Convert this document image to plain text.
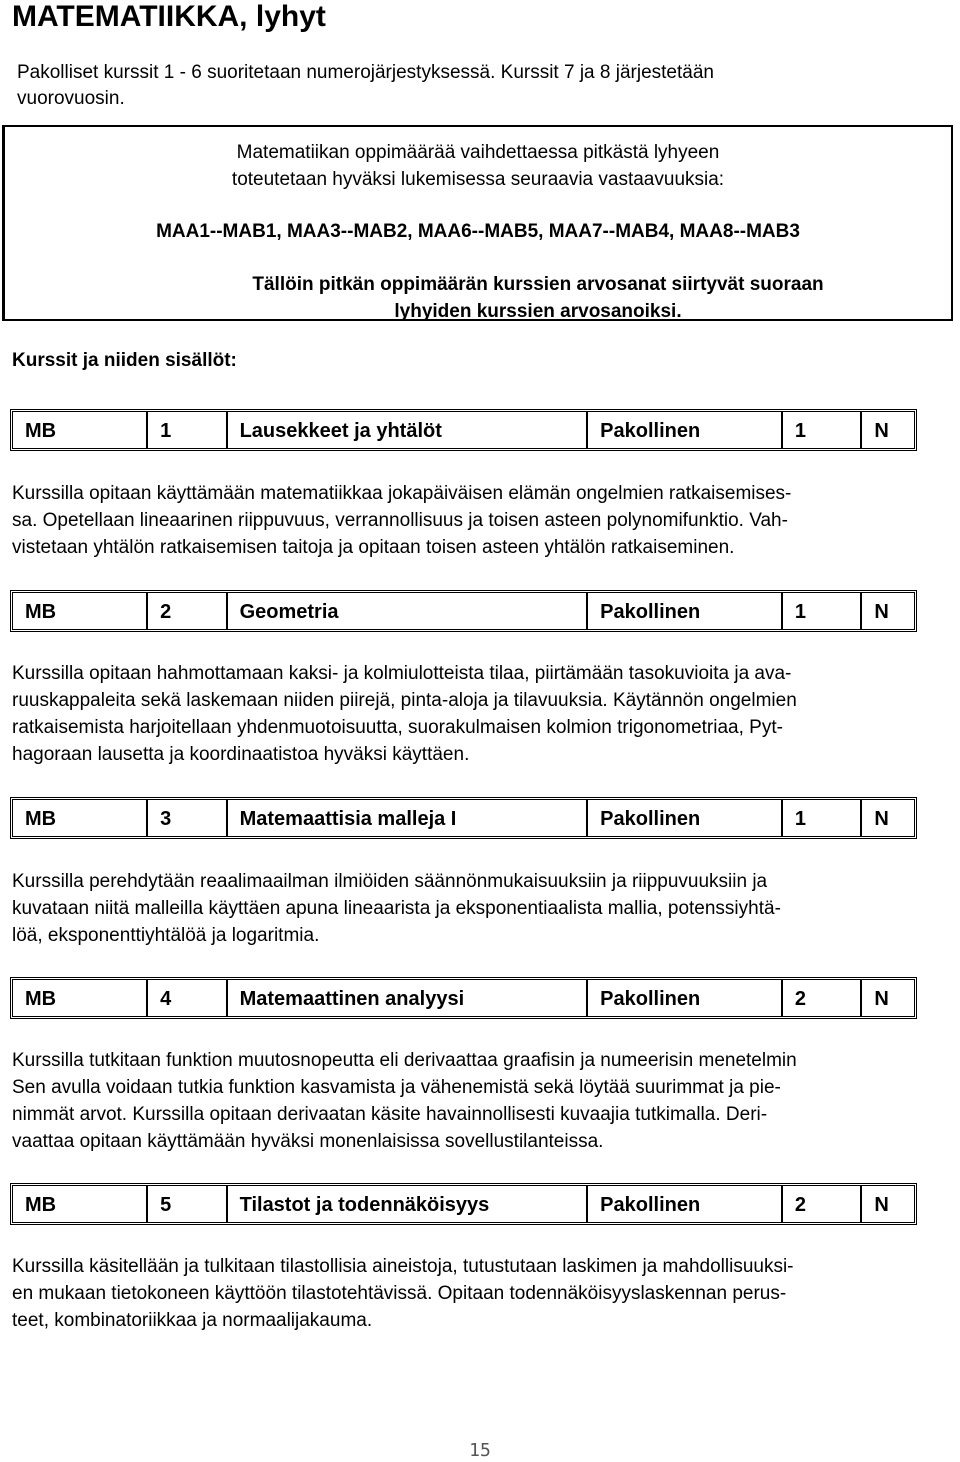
MATEMATIIKKA, lyhyt
Pakolliset kurssit 1 - 6 suoritetaan numerojärjestyksessä. Kurssit 7 ja 8 järjestetään
vuorovuosin.
Matematiikan oppimäärää vaihdettaessa pitkästä lyhyeen
toteutetaan hyväksi lukemisessa seuraavia vastaavuuksia:
MAA1--MAB1, MAA3--MAB2, MAA6--MAB5, MAA7--MAB4, MAA8--MAB3
Tällöin pitkän oppimäärän kurssien arvosanat siirtyvät suoraan
lyhyiden kurssien arvosanoiksi.
Kurssit ja niiden sisällöt:
MB	1	Lausekkeet ja yhtälöt	Pakollinen	1	N
Kurssilla opitaan käyttämään matematiikkaa jokapäiväisen elämän ongelmien ratkaisemises-
sa. Opetellaan lineaarinen riippuvuus, verrannollisuus ja toisen asteen polynomifunktio. Vah-
vistetaan yhtälön ratkaisemisen taitoja ja opitaan toisen asteen yhtälön ratkaiseminen.
MB	2	Geometria	Pakollinen	1	N
Kurssilla opitaan hahmottamaan kaksi- ja kolmiulotteista tilaa, piirtämään tasokuvioita ja ava-
ruuskappaleita sekä laskemaan niiden piirejä, pinta-aloja ja tilavuuksia. Käytännön ongelmien
ratkaisemista harjoitellaan yhdenmuotoisuutta, suorakulmaisen kolmion trigonometriaa, Pyt-
hagoraan lausetta ja koordinaatistoa hyväksi käyttäen.
MB	3	Matemaattisia malleja I	Pakollinen	1	N
Kurssilla perehdytään reaalimaailman ilmiöiden säännönmukaisuuksiin ja riippuvuuksiin ja
kuvataan niitä malleilla käyttäen apuna lineaarista ja eksponentiaalista mallia, potenssiyhtä-
löä, eksponenttiyhtälöä ja logaritmia.
MB	4	Matemaattinen analyysi	Pakollinen	2	N
Kurssilla tutkitaan funktion muutosnopeutta eli derivaattaa graafisin ja numeerisin menetelmin
Sen avulla voidaan tutkia funktion kasvamista ja vähenemistä sekä löytää suurimmat ja pie-
nimmät arvot. Kurssilla opitaan derivaatan käsite havainnollisesti kuvaajia tutkimalla. Deri-
vaattaa opitaan käyttämään hyväksi monenlaisissa sovellustilanteissa.
MB	5	Tilastot ja todennäköisyys	Pakollinen	2	N
Kurssilla käsitellään ja tulkitaan tilastollisia aineistoja, tutustutaan laskimen ja mahdollisuuksi-
en mukaan tietokoneen käyttöön tilastotehtävissä. Opitaan todennäköisyyslaskennan perus-
teet, kombinatoriikkaa ja normaalijakauma.
15
